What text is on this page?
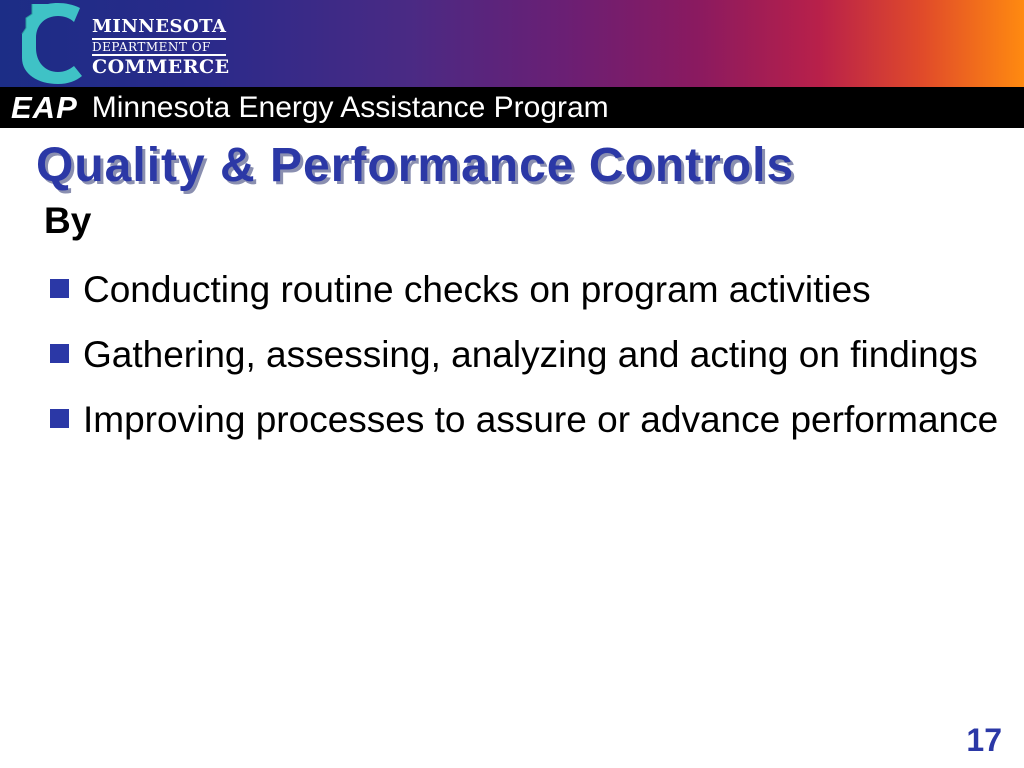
MINNESOTA
DEPARTMENT OF
COMMERCE
EAP Minnesota Energy Assistance Program
Quality & Performance Controls
By
Conducting routine checks on program activities
Gathering, assessing, analyzing and acting on findings
Improving processes to assure or advance performance
17
